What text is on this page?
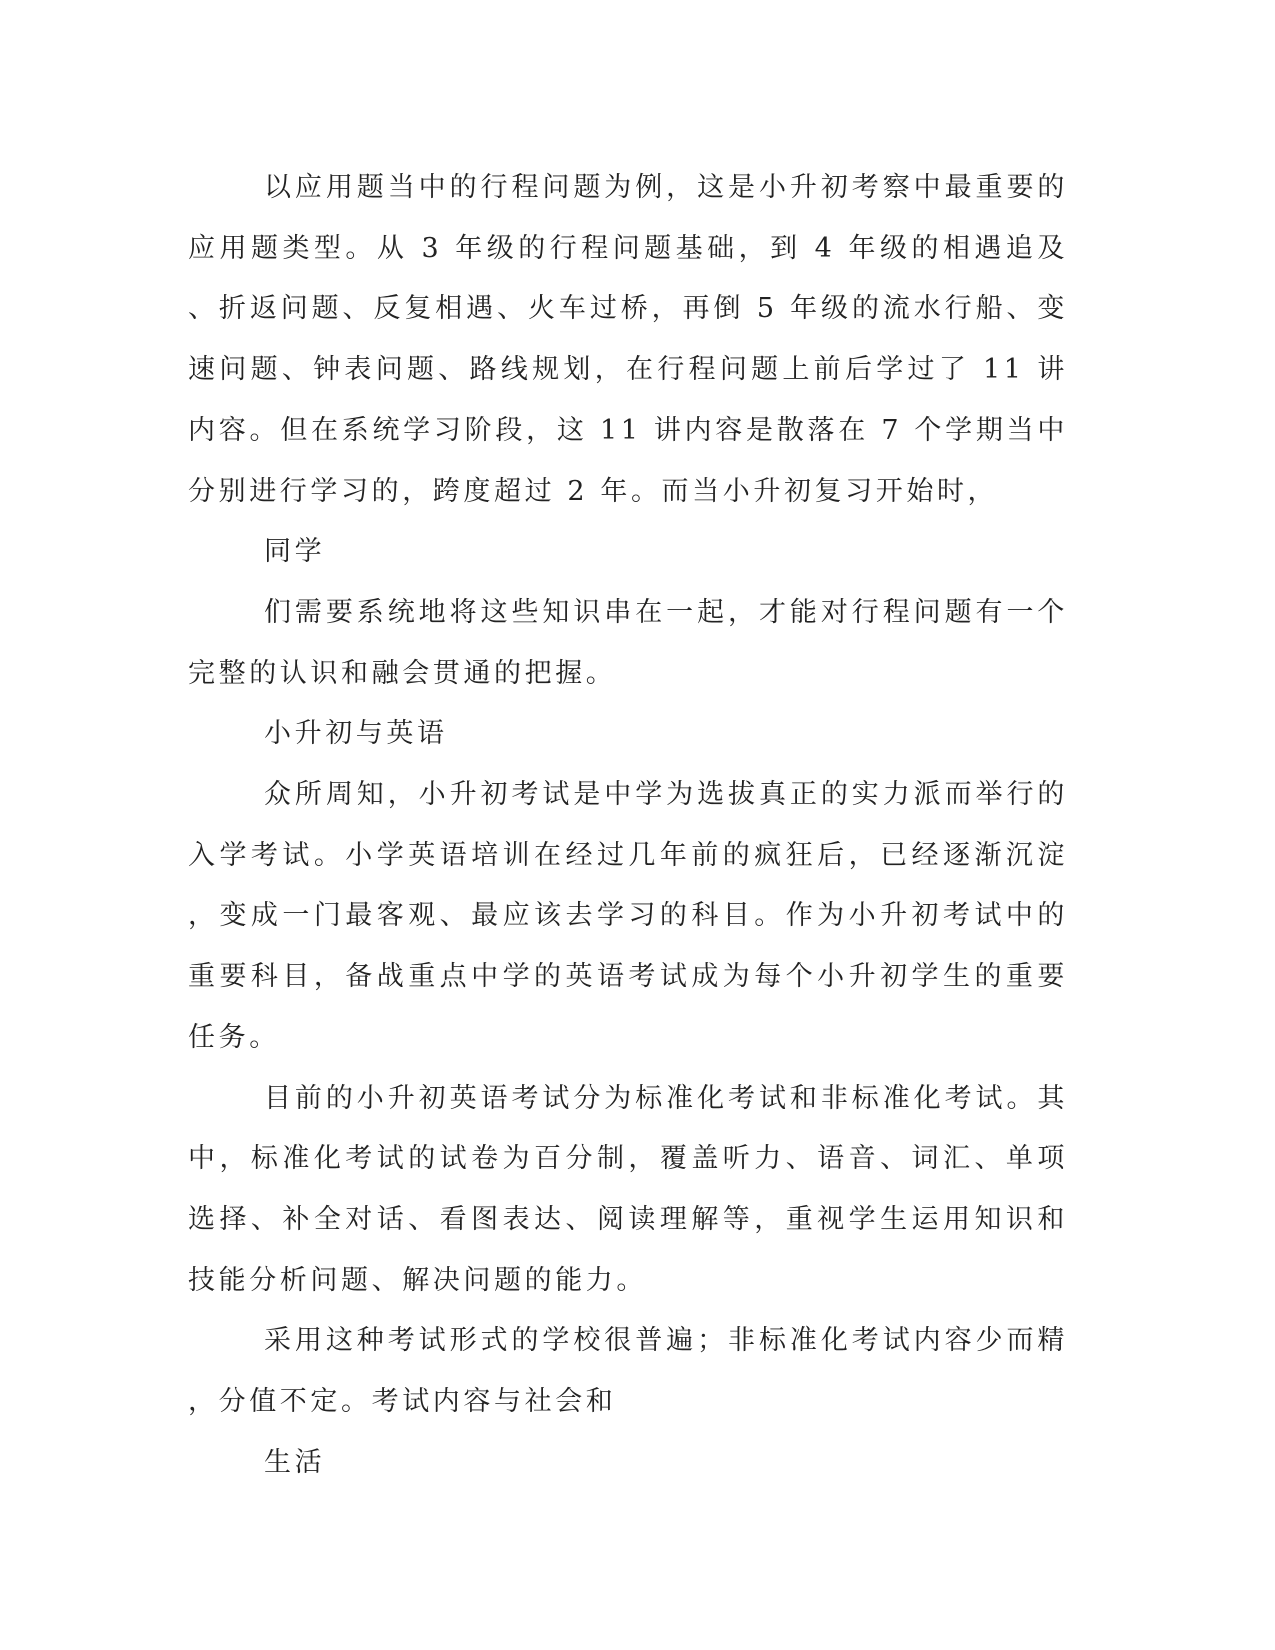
以应用题当中的行程问题为例，这是小升初考察中最重要的应用题类型。从 3 年级的行程问题基础，到 4 年级的相遇追及、折返问题、反复相遇、火车过桥，再倒 5 年级的流水行船、变速问题、钟表问题、路线规划，在行程问题上前后学过了 11 讲内容。但在系统学习阶段，这 11 讲内容是散落在 7 个学期当中分别进行学习的，跨度超过 2 年。而当小升初复习开始时，

同学

们需要系统地将这些知识串在一起，才能对行程问题有一个完整的认识和融会贯通的把握。

小升初与英语

众所周知，小升初考试是中学为选拔真正的实力派而举行的入学考试。小学英语培训在经过几年前的疯狂后，已经逐渐沉淀，变成一门最客观、最应该去学习的科目。作为小升初考试中的重要科目，备战重点中学的英语考试成为每个小升初学生的重要任务。

目前的小升初英语考试分为标准化考试和非标准化考试。其中，标准化考试的试卷为百分制，覆盖听力、语音、词汇、单项选择、补全对话、看图表达、阅读理解等，重视学生运用知识和技能分析问题、解决问题的能力。

采用这种考试形式的学校很普遍；非标准化考试内容少而精，分值不定。考试内容与社会和

生活
